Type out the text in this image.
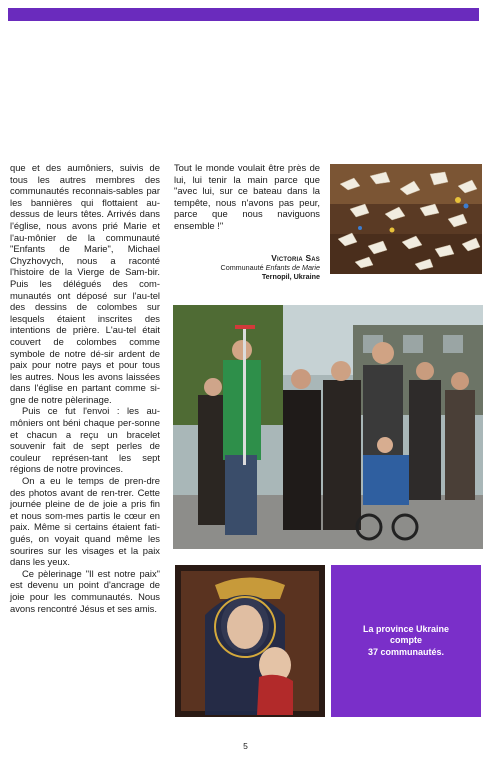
que et des aumôniers, suivis de tous les autres membres des communautés reconnais-sables par les bannières qui flottaient au-dessus de leurs têtes. Arrivés dans l'église, nous avons prié Marie et l'au-mônier de la communauté "Enfants de Marie", Michael Chyzhovych, nous a raconté l'histoire de la Vierge de Sam-bir. Puis les délégués des com-munautés ont déposé sur l'au-tel des dessins de colombes sur lesquels étaient inscrites des intentions de prière. L'au-tel était couvert de colombes comme symbole de notre dé-sir ardent de paix pour notre pays et pour tous les autres. Nous les avons laissées dans l'église en partant comme si-gne de notre pèlerinage.

Puis ce fut l'envoi : les au-môniers ont béni chaque per-sonne et chacun a reçu un bracelet souvenir fait de sept perles de couleur représen-tant les sept régions de notre provinces.

On a eu le temps de pren-dre des photos avant de ren-trer. Cette journée pleine de de joie a pris fin et nous som-mes partis le cœur en paix. Même si certains étaient fati-gués, on voyait quand même les sourires sur les visages et la paix dans les yeux.

Ce pèlerinage "Il est notre paix" est devenu un point d'ancrage de joie pour les communautés. Nous avons rencontré Jésus et ses amis.

Tout le monde voulait être près de lui, lui tenir la main parce que "avec lui, sur ce bateau dans la tempête, nous n'avons pas peur, parce que nous naviguons ensemble !"

Victoria Sas
Communauté Enfants de Marie
Ternopil, Ukraine
La province Ukraine
compte
37 communautés.
5
